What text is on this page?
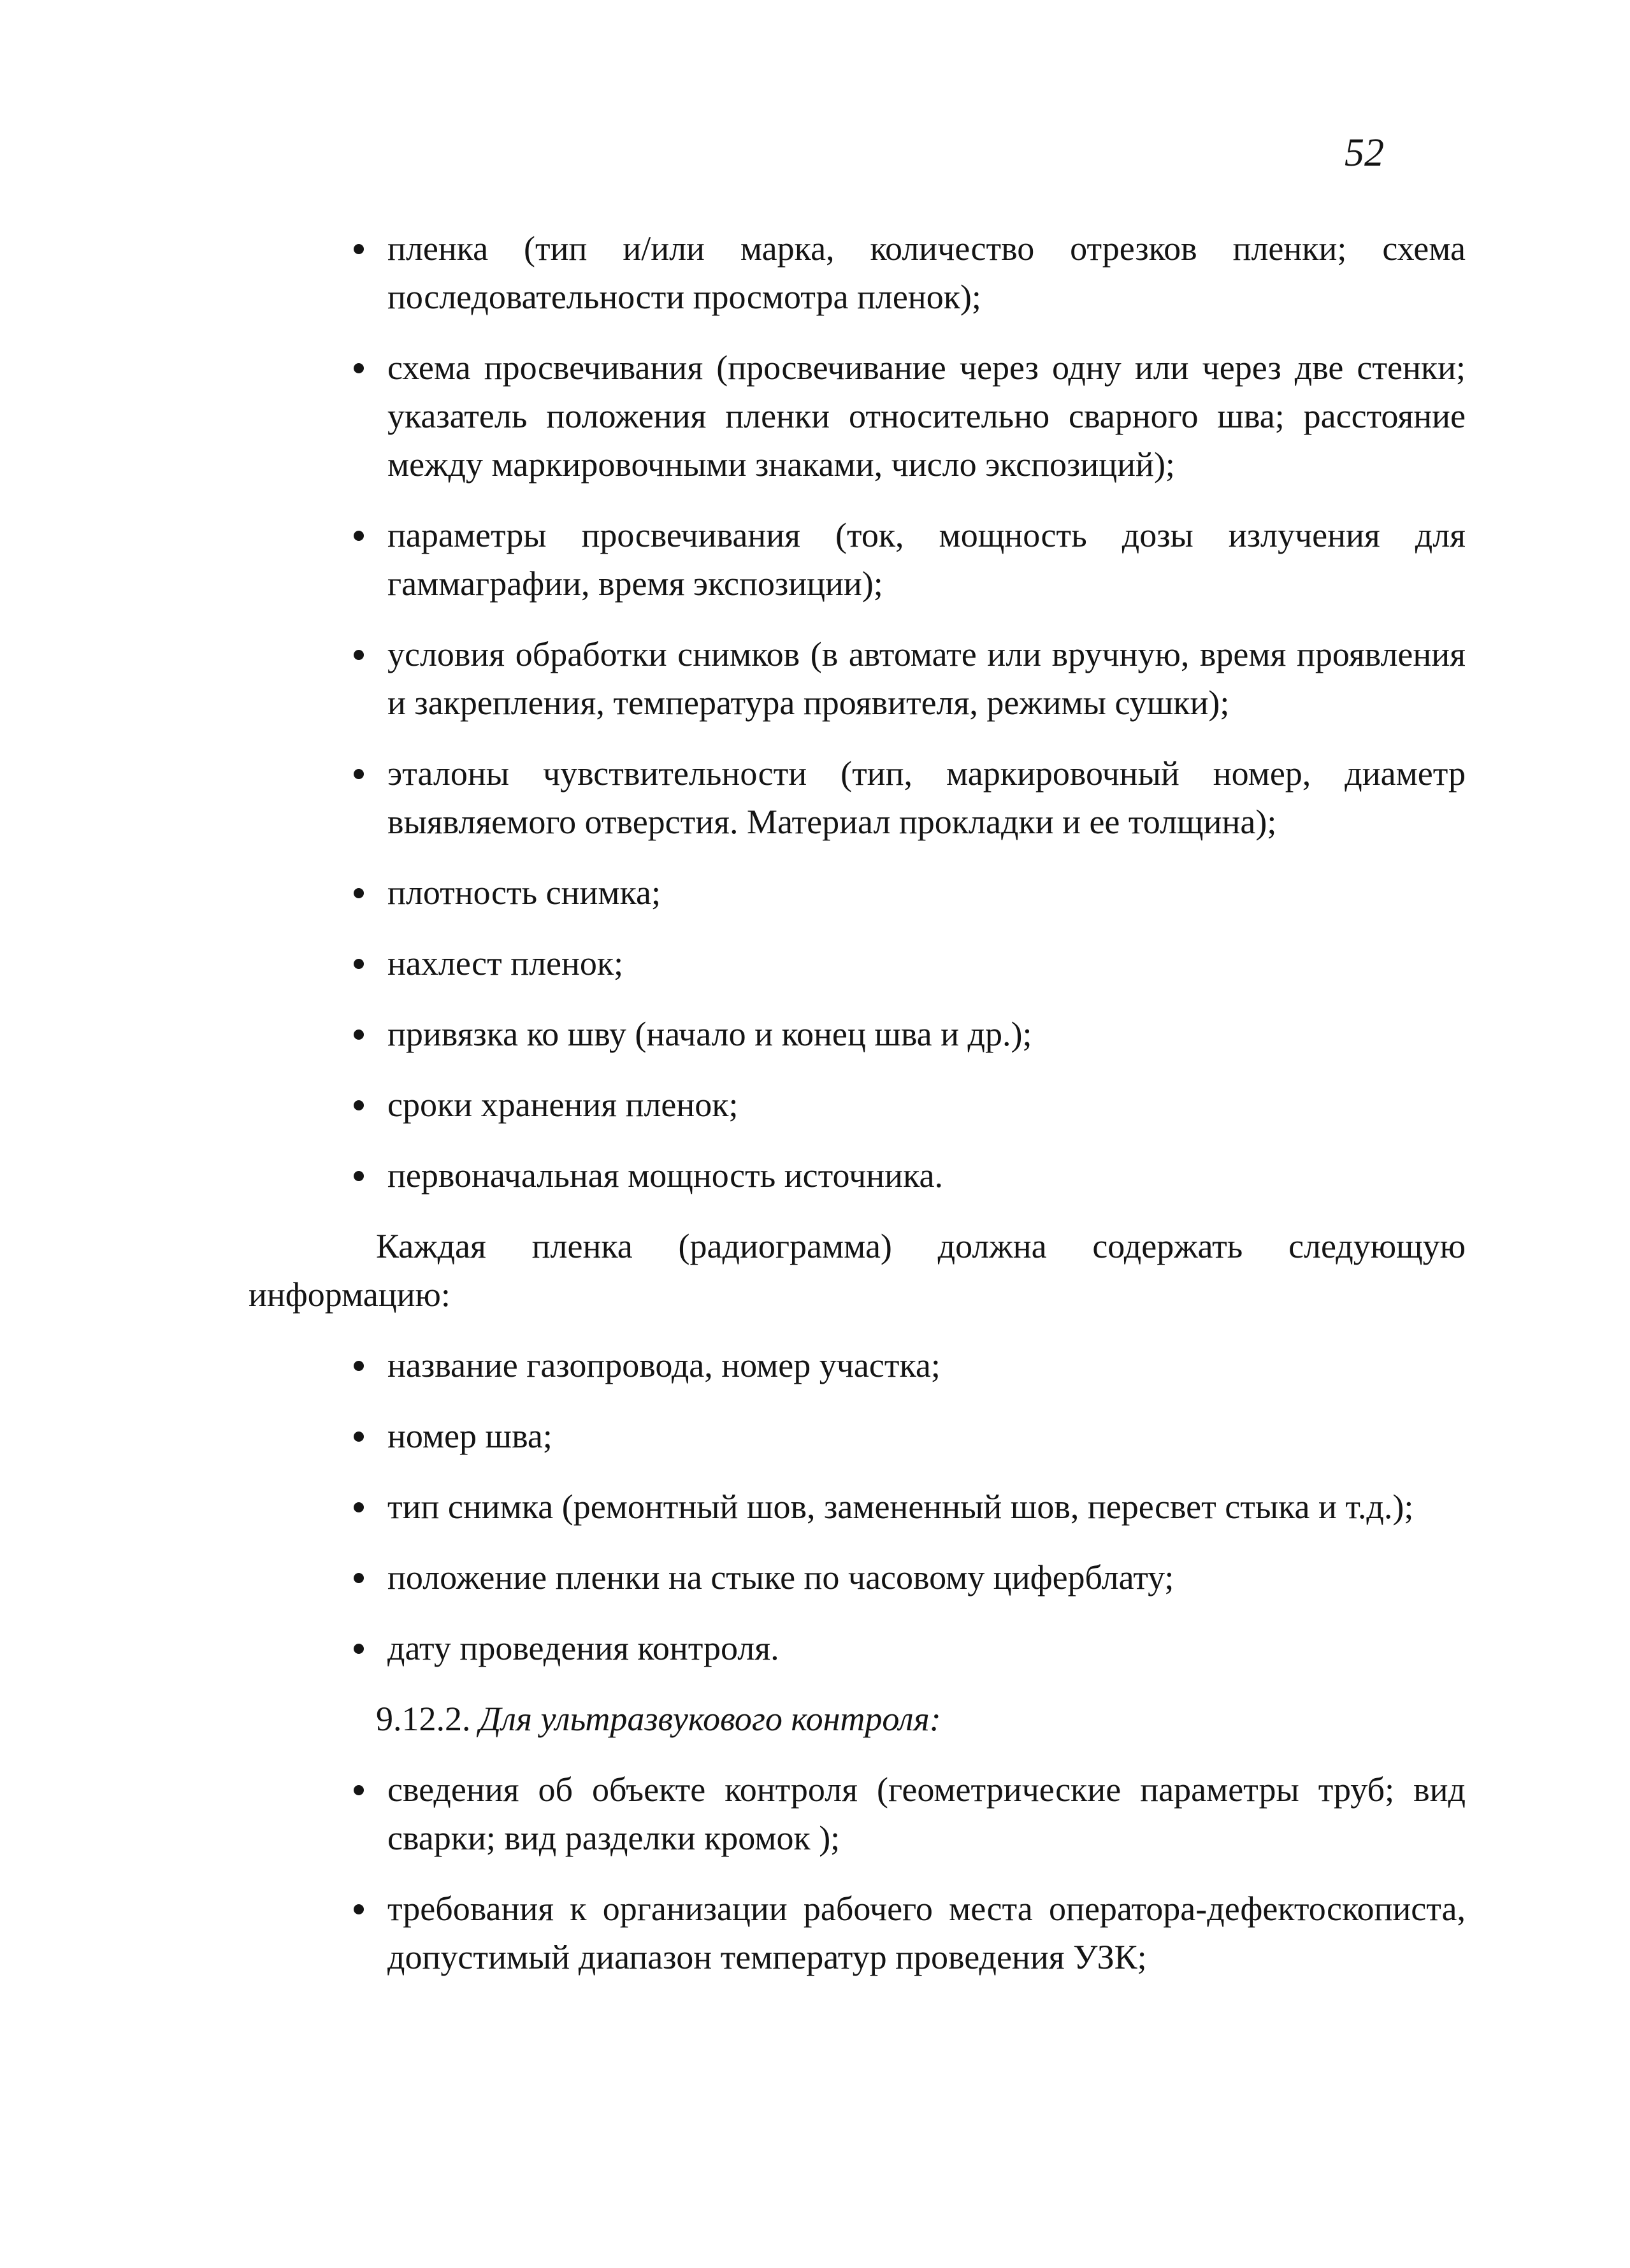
52
пленка (тип и/или марка, количество отрезков пленки; схема последовательности просмотра пленок);
схема просвечивания (просвечивание через одну или через две стенки; указатель положения пленки относительно сварного шва; расстояние между маркировочными знаками, число экспозиций);
параметры просвечивания (ток, мощность дозы излучения для гаммаграфии, время экспозиции);
условия обработки снимков (в автомате или вручную, время проявления и закрепления, температура проявителя, режимы сушки);
эталоны чувствительности (тип, маркировочный номер, диаметр выявляемого отверстия. Материал прокладки и ее толщина);
плотность снимка;
нахлест пленок;
привязка ко шву (начало и конец шва и др.);
сроки хранения пленок;
первоначальная мощность источника.

Каждая пленка (радиограмма) должна содержать следующую информацию:

название газопровода, номер участка;
номер шва;
тип снимка (ремонтный шов, замененный шов, пересвет стыка и т.д.);
положение пленки на стыке по часовому циферблату;
дату проведения контроля.

9.12.2. Для ультразвукового контроля:

сведения об объекте контроля (геометрические параметры труб; вид сварки; вид разделки кромок );
требования к организации рабочего места оператора-дефектоскописта, допустимый диапазон температур проведения УЗК;
